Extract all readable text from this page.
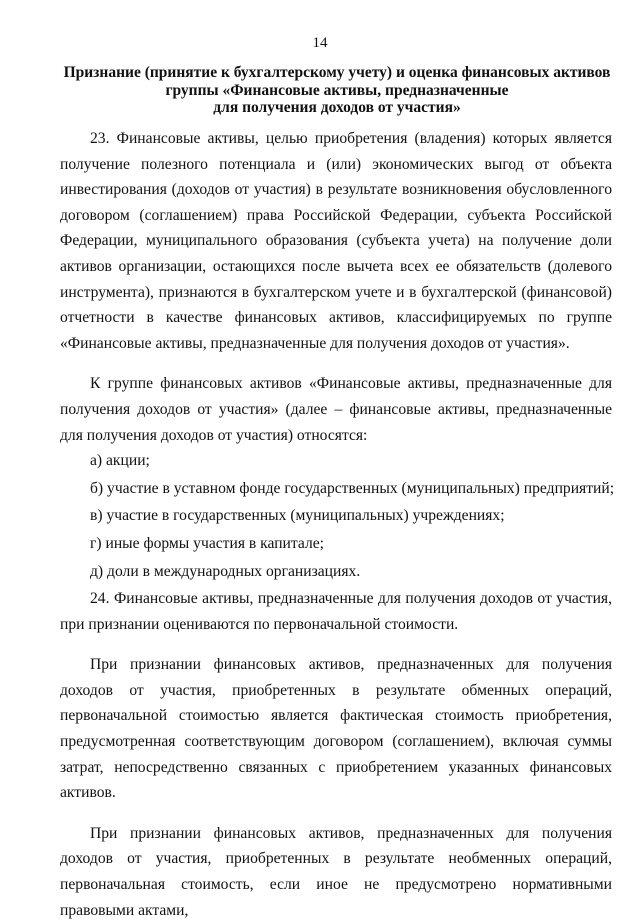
14
Признание (принятие к бухгалтерскому учету) и оценка финансовых активов
группы «Финансовые активы, предназначенные
для получения доходов от участия»

23. Финансовые активы, целью приобретения (владения) которых является получение полезного потенциала и (или) экономических выгод от объекта инвестирования (доходов от участия) в результате возникновения обусловленного договором (соглашением) права Российской Федерации, субъекта Российской Федерации, муниципального образования (субъекта учета) на получение доли активов организации, остающихся после вычета всех ее обязательств (долевого инструмента), признаются в бухгалтерском учете и в бухгалтерской (финансовой) отчетности в качестве финансовых активов, классифицируемых по группе «Финансовые активы, предназначенные для получения доходов от участия».

К группе финансовых активов «Финансовые активы, предназначенные для получения доходов от участия» (далее – финансовые активы, предназначенные для получения доходов от участия) относятся:

а) акции;

б) участие в уставном фонде государственных (муниципальных) предприятий;

в) участие в государственных (муниципальных) учреждениях;

г) иные формы участия в капитале;

д) доли в международных организациях.

24. Финансовые активы, предназначенные для получения доходов от участия, при признании оцениваются по первоначальной стоимости.

При признании финансовых активов, предназначенных для получения доходов от участия, приобретенных в результате обменных операций, первоначальной стоимостью является фактическая стоимость приобретения, предусмотренная соответствующим договором (соглашением), включая суммы затрат, непосредственно связанных с приобретением указанных финансовых активов.

При признании финансовых активов, предназначенных для получения доходов от участия, приобретенных в результате необменных операций, первоначальная стоимость, если иное не предусмотрено нормативными правовыми актами,
